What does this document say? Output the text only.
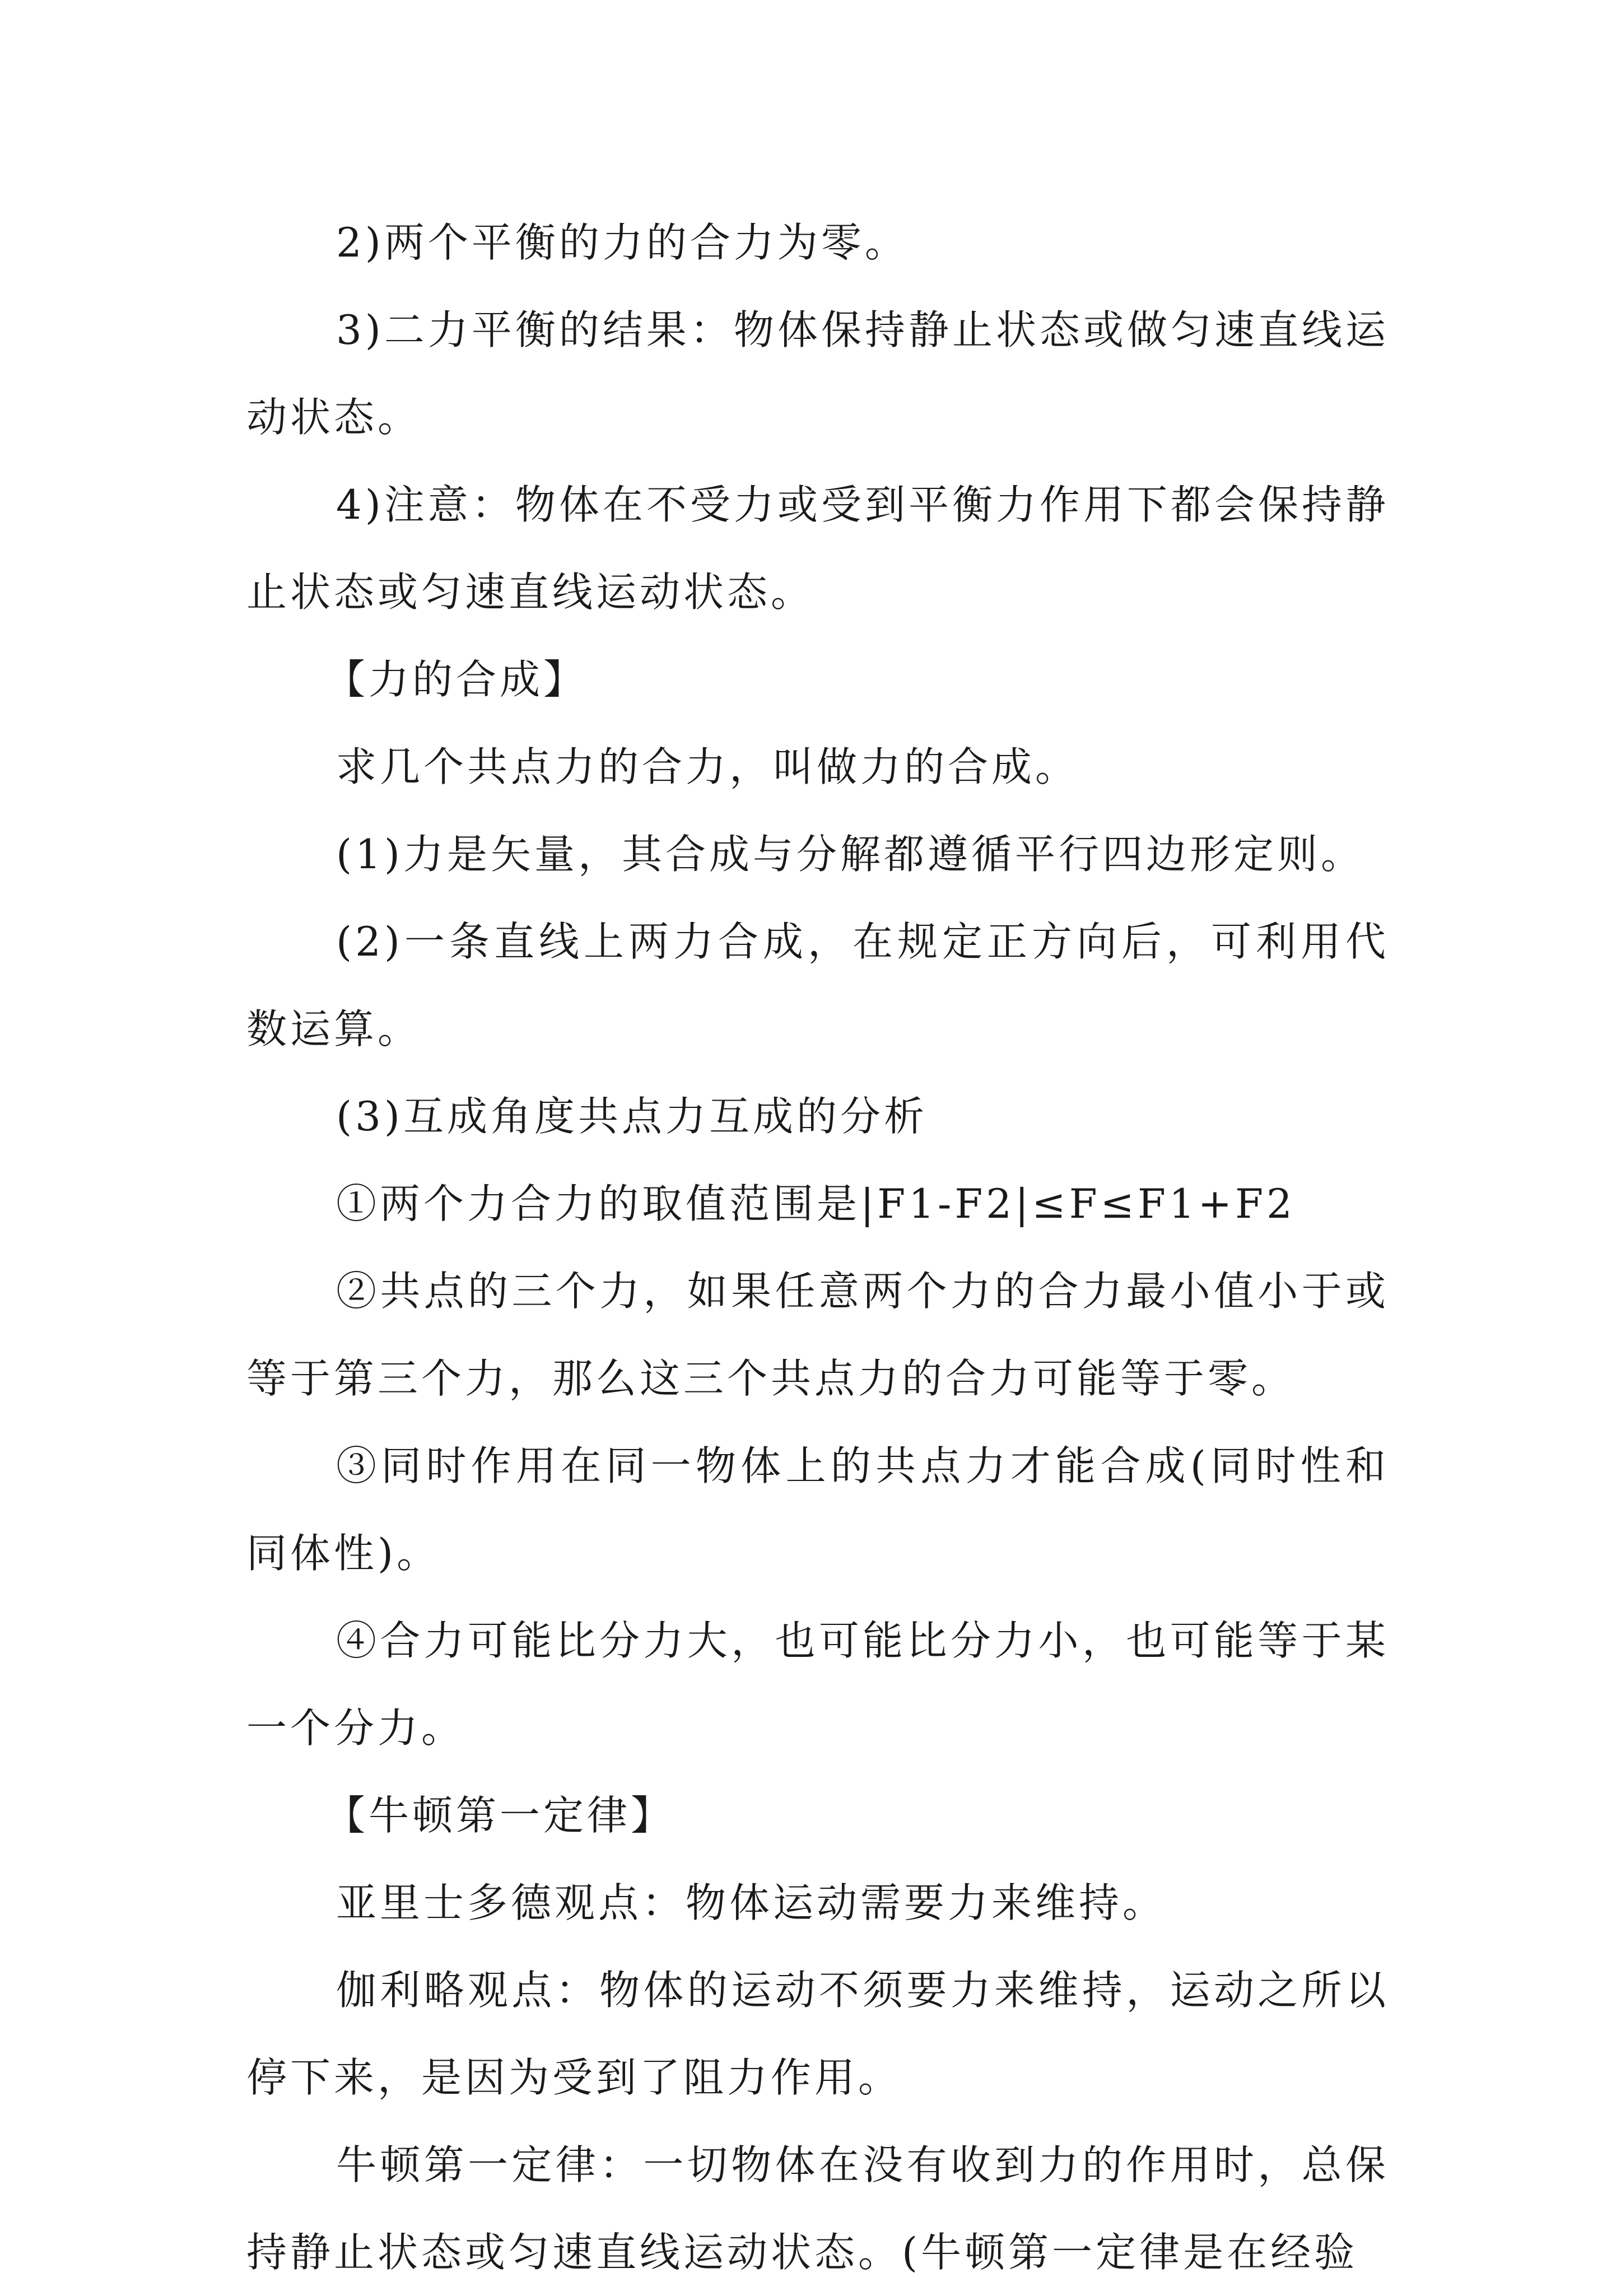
2)两个平衡的力的合力为零。

3)二力平衡的结果：物体保持静止状态或做匀速直线运动状态。

4)注意：物体在不受力或受到平衡力作用下都会保持静止状态或匀速直线运动状态。

【力的合成】

求几个共点力的合力，叫做力的合成。

(1)力是矢量，其合成与分解都遵循平行四边形定则。

(2)一条直线上两力合成，在规定正方向后，可利用代数运算。

(3)互成角度共点力互成的分析

①两个力合力的取值范围是|F1-F2|≤F≤F1+F2

②共点的三个力，如果任意两个力的合力最小值小于或等于第三个力，那么这三个共点力的合力可能等于零。

③同时作用在同一物体上的共点力才能合成(同时性和同体性)。

④合力可能比分力大，也可能比分力小，也可能等于某一个分力。

【牛顿第一定律】

亚里士多德观点：物体运动需要力来维持。

伽利略观点：物体的运动不须要力来维持，运动之所以停下来，是因为受到了阻力作用。

牛顿第一定律：一切物体在没有收到力的作用时，总保持静止状态或匀速直线运动状态。(牛顿第一定律是在经验
